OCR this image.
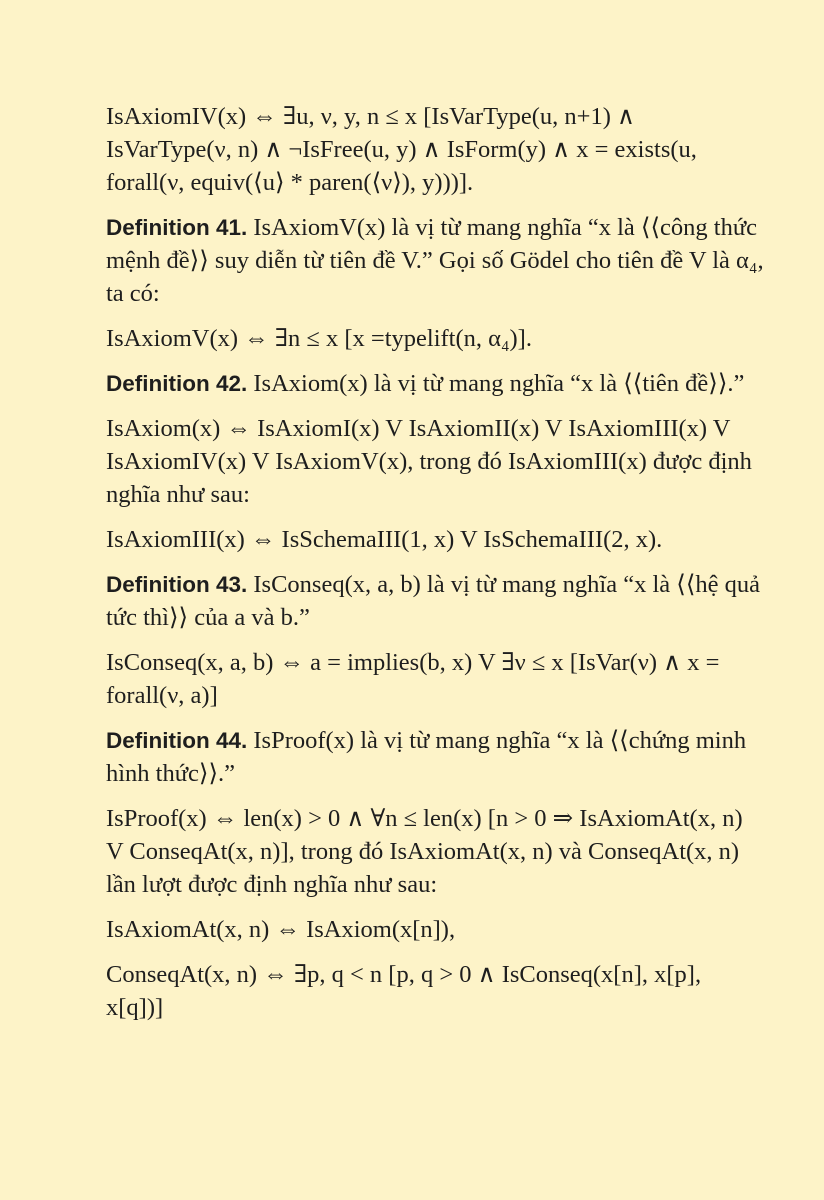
IsAxiomIV(x) ⇔ ∃u, ν, y, n ≤ x [IsVarType(u, n+1) ∧ IsVarType(ν, n) ∧ ¬IsFree(u, y) ∧ IsForm(y) ∧ x = exists(u, forall(ν, equiv(⟨u⟩ * paren(⟨ν⟩), y)))].

Definition 41. IsAxiomV(x) là vị từ mang nghĩa “x là ⟨⟨công thức mệnh đề⟩⟩ suy diễn từ tiên đề V.” Gọi số Gödel cho tiên đề V là α₄, ta có:

IsAxiomV(x) ⇔ ∃n ≤ x [x =typelift(n, α₄)].

Definition 42. IsAxiom(x) là vị từ mang nghĩa “x là ⟨⟨tiên đề⟩⟩.”

IsAxiom(x) ⇔ IsAxiomI(x) V IsAxiomII(x) V IsAxiomIII(x) V IsAxiomIV(x) V IsAxiomV(x), trong đó IsAxiomIII(x) được định nghĩa như sau:

IsAxiomIII(x) ⇔ IsSchemaIII(1, x) V IsSchemaIII(2, x).

Definition 43. IsConseq(x, a, b) là vị từ mang nghĩa “x là ⟨⟨hệ quả tức thì⟩⟩ của a và b.”

IsConseq(x, a, b) ⇔ a = implies(b, x) V ∃ν ≤ x [IsVar(ν) ∧ x = forall(ν, a)]

Definition 44. IsProof(x) là vị từ mang nghĩa “x là ⟨⟨chứng minh hình thức⟩⟩.”

IsProof(x) ⇔ len(x) > 0 ∧ ∀n ≤ len(x) [n > 0 ⇒ IsAxiomAt(x, n) V ConseqAt(x, n)], trong đó IsAxiomAt(x, n) và ConseqAt(x, n) lần lượt được định nghĩa như sau:

IsAxiomAt(x, n) ⇔ IsAxiom(x[n]),

ConseqAt(x, n) ⇔ ∃p, q < n [p, q > 0 ∧ IsConseq(x[n], x[p], x[q])]
